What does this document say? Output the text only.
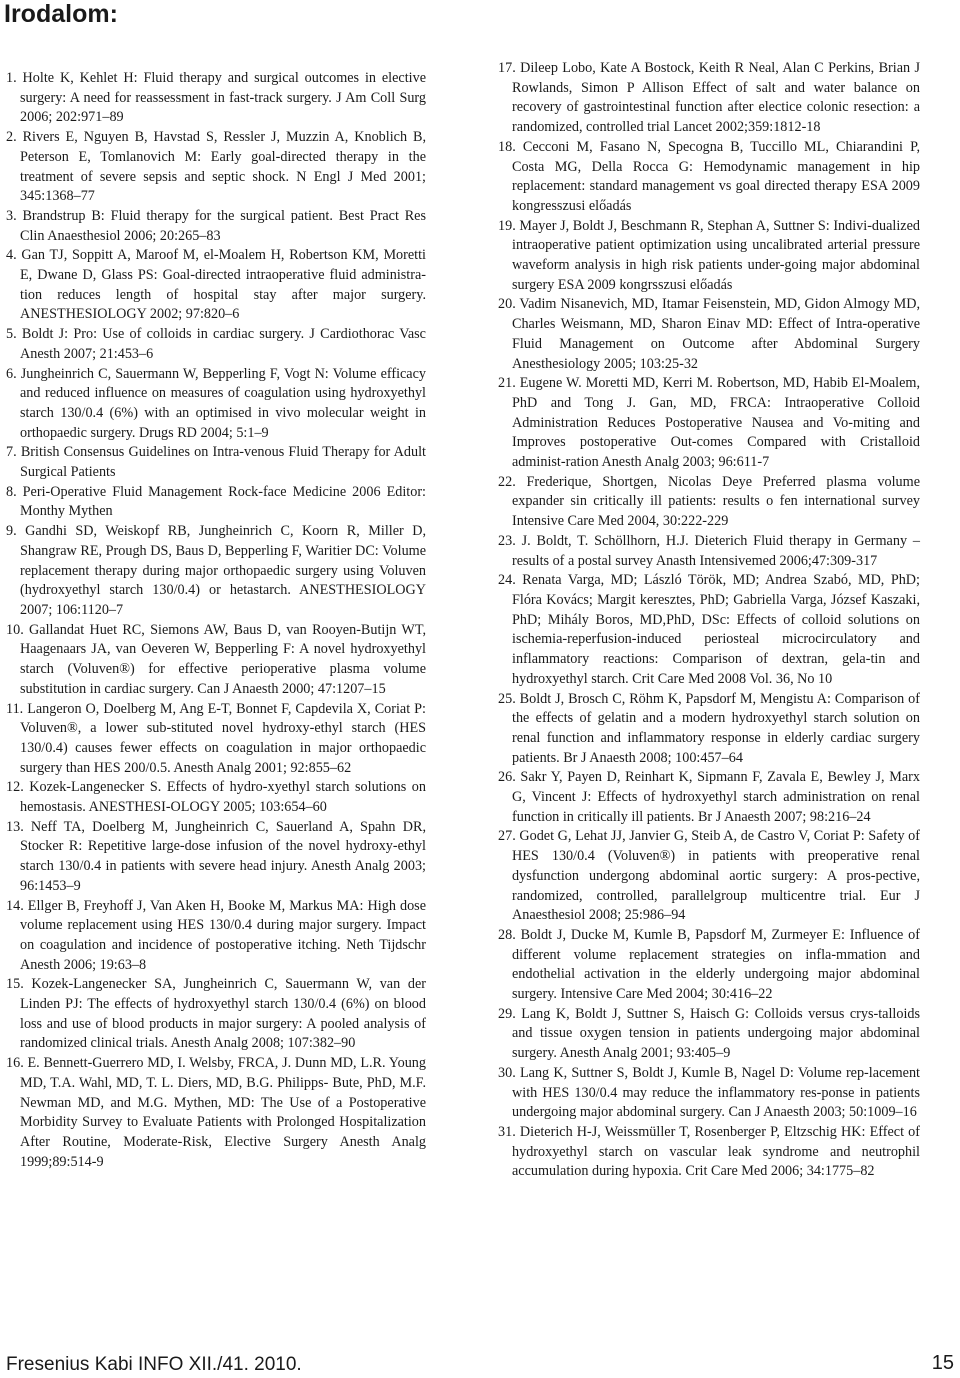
Irodalom:

1. Holte K, Kehlet H: Fluid therapy and surgical outcomes in elective surgery: A need for reassessment in fast-track surgery. J Am Coll Surg 2006; 202:971–89

2. Rivers E, Nguyen B, Havstad S, Ressler J, Muzzin A, Knoblich B, Peterson E, Tomlanovich M: Early goal-directed therapy in the treatment of severe sepsis and septic shock. N Engl J Med 2001; 345:1368–77

3. Brandstrup B: Fluid therapy for the surgical patient. Best Pract Res Clin Anaesthesiol 2006; 20:265–83

4. Gan TJ, Soppitt A, Maroof M, el-Moalem H, Robertson KM, Moretti E, Dwane D, Glass PS: Goal-directed intraoperative fluid administra-tion reduces length of hospital stay after major surgery. ANESTHESIOLOGY 2002; 97:820–6

5. Boldt J: Pro: Use of colloids in cardiac surgery. J Cardiothorac Vasc Anesth 2007; 21:453–6

6. Jungheinrich C, Sauermann W, Bepperling F, Vogt N: Volume efficacy and reduced influence on measures of coagulation using hydroxyethyl starch 130/0.4 (6%) with an optimised in vivo molecular weight in orthopaedic surgery. Drugs RD 2004; 5:1–9

7. British Consensus Guidelines on Intra-venous Fluid Therapy for Adult Surgical Patients

8. Peri-Operative Fluid Management Rock-face Medicine 2006 Editor: Monthy Mythen

9. Gandhi SD, Weiskopf RB, Jungheinrich C, Koorn R, Miller D, Shangraw RE, Prough DS, Baus D, Bepperling F, Waritier DC: Volume replacement therapy during major orthopaedic surgery using Voluven (hydroxyethyl starch 130/0.4) or hetastarch. ANESTHESIOLOGY 2007; 106:1120–7

10. Gallandat Huet RC, Siemons AW, Baus D, van Rooyen-Butijn WT, Haagenaars JA, van Oeveren W, Bepperling F: A novel hydroxyethyl starch (Voluven®) for effective perioperative plasma volume substitution in cardiac surgery. Can J Anaesth 2000; 47:1207–15

11. Langeron O, Doelberg M, Ang E-T, Bonnet F, Capdevila X, Coriat P: Voluven®, a lower sub-stituted novel hydroxy-ethyl starch (HES 130/0.4) causes fewer effects on coagulation in major orthopaedic surgery than HES 200/0.5. Anesth Analg 2001; 92:855–62

12. Kozek-Langenecker S. Effects of hydro-xyethyl starch solutions on hemostasis. ANESTHESI-OLOGY 2005; 103:654–60

13. Neff TA, Doelberg M, Jungheinrich C, Sauerland A, Spahn DR, Stocker R: Repetitive large-dose infusion of the novel hydroxy-ethyl starch 130/0.4 in patients with severe head injury. Anesth Analg 2003; 96:1453–9

14. Ellger B, Freyhoff J, Van Aken H, Booke M, Markus MA: High dose volume replacement using HES 130/0.4 during major surgery. Impact on coagulation and incidence of postoperative itching. Neth Tijdschr Anesth 2006; 19:63–8

15. Kozek-Langenecker SA, Jungheinrich C, Sauermann W, van der Linden PJ: The effects of hydroxyethyl starch 130/0.4 (6%) on blood loss and use of blood products in major surgery: A pooled analysis of randomized clinical trials. Anesth Analg 2008; 107:382–90

16. E. Bennett-Guerrero MD, I. Welsby, FRCA, J. Dunn MD, L.R. Young MD, T.A. Wahl, MD, T. L. Diers, MD, B.G. Philipps- Bute, PhD, M.F. Newman MD, and M.G. Mythen, MD: The Use of a Postoperative Morbidity Survey to Evaluate Patients with Prolonged Hospitalization After Routine, Moderate-Risk, Elective Surgery Anesth Analg 1999;89:514-9

17. Dileep Lobo, Kate A Bostock, Keith R Neal, Alan C Perkins, Brian J Rowlands, Simon P Allison Effect of salt and water balance on recovery of gastrointestinal function after electice colonic resection: a randomized, controlled trial Lancet 2002;359:1812-18

18. Cecconi M, Fasano N, Specogna B, Tuccillo ML, Chiarandini P, Costa MG, Della Rocca G: Hemodynamic management in hip replacement: standard management vs goal directed therapy ESA 2009 kongresszusi előadás

19. Mayer J, Boldt J, Beschmann R, Stephan A, Suttner S: Indivi-dualized intraoperative patient optimization using uncalibrated arterial pressure waveform analysis in high risk patients under-going major abdominal surgery ESA 2009 kongrsszusi előadás

20. Vadim Nisanevich, MD, Itamar Feisenstein, MD, Gidon Almogy MD, Charles Weismann, MD, Sharon Einav MD: Effect of Intra-operative Fluid Management on Outcome after Abdominal Surgery Anesthesiology 2005; 103:25-32

21. Eugene W. Moretti MD, Kerri M. Robertson, MD, Habib El-Moalem, PhD and Tong J. Gan, MD, FRCA: Intraoperative Colloid Administration Reduces Postoperative Nausea and Vo-miting and Improves postoperative Out-comes Compared with Cristalloid administ-ration Anesth Analg 2003; 96:611-7

22. Frederique, Shortgen, Nicolas Deye Preferred plasma volume expander sin critically ill patients: results o fen international survey Intensive Care Med 2004, 30:222-229

23. J. Boldt, T. Schöllhorn, H.J. Dieterich Fluid therapy in Germany – results of a postal survey Anasth Intensivemed 2006;47:309-317

24. Renata Varga, MD; László Török, MD; Andrea Szabó, MD, PhD; Flóra Kovács; Margit keresztes, PhD; Gabriella Varga, József Kaszaki, PhD; Mihály Boros, MD,PhD, DSc: Effects of colloid solutions on ischemia-reperfusion-induced periosteal microcirculatory and inflammatory reactions: Comparison of dextran, gela-tin and hydroxyethyl starch. Crit Care Med 2008 Vol. 36, No 10

25. Boldt J, Brosch C, Röhm K, Papsdorf M, Mengistu A: Comparison of the effects of gelatin and a modern hydroxyethyl starch solution on renal function and inflammatory response in elderly cardiac surgery patients. Br J Anaesth 2008; 100:457–64

26. Sakr Y, Payen D, Reinhart K, Sipmann F, Zavala E, Bewley J, Marx G, Vincent J: Effects of hydroxyethyl starch administration on renal function in critically ill patients. Br J Anaesth 2007; 98:216–24

27. Godet G, Lehat JJ, Janvier G, Steib A, de Castro V, Coriat P: Safety of HES 130/0.4 (Voluven®) in patients with preoperative renal dysfunction undergong abdominal aortic surgery: A pros-pective, randomized, controlled, parallelgroup multicentre trial. Eur J Anaesthesiol 2008; 25:986–94

28. Boldt J, Ducke M, Kumle B, Papsdorf M, Zurmeyer E: Influence of different volume replacement strategies on infla-mmation and endothelial activation in the elderly undergoing major abdominal surgery. Intensive Care Med 2004; 30:416–22

29. Lang K, Boldt J, Suttner S, Haisch G: Colloids versus crys-talloids and tissue oxygen tension in patients undergoing major abdominal surgery. Anesth Analg 2001; 93:405–9

30. Lang K, Suttner S, Boldt J, Kumle B, Nagel D: Volume rep-lacement with HES 130/0.4 may reduce the inflammatory res-ponse in patients undergoing major abdominal surgery. Can J Anaesth 2003; 50:1009–16

31. Dieterich H-J, Weissmüller T, Rosenberger P, Eltzschig HK: Effect of hydroxyethyl starch on vascular leak syndrome and neutrophil accumulation during hypoxia. Crit Care Med 2006; 34:1775–82

Fresenius Kabi INFO XII./41. 2010.	15
